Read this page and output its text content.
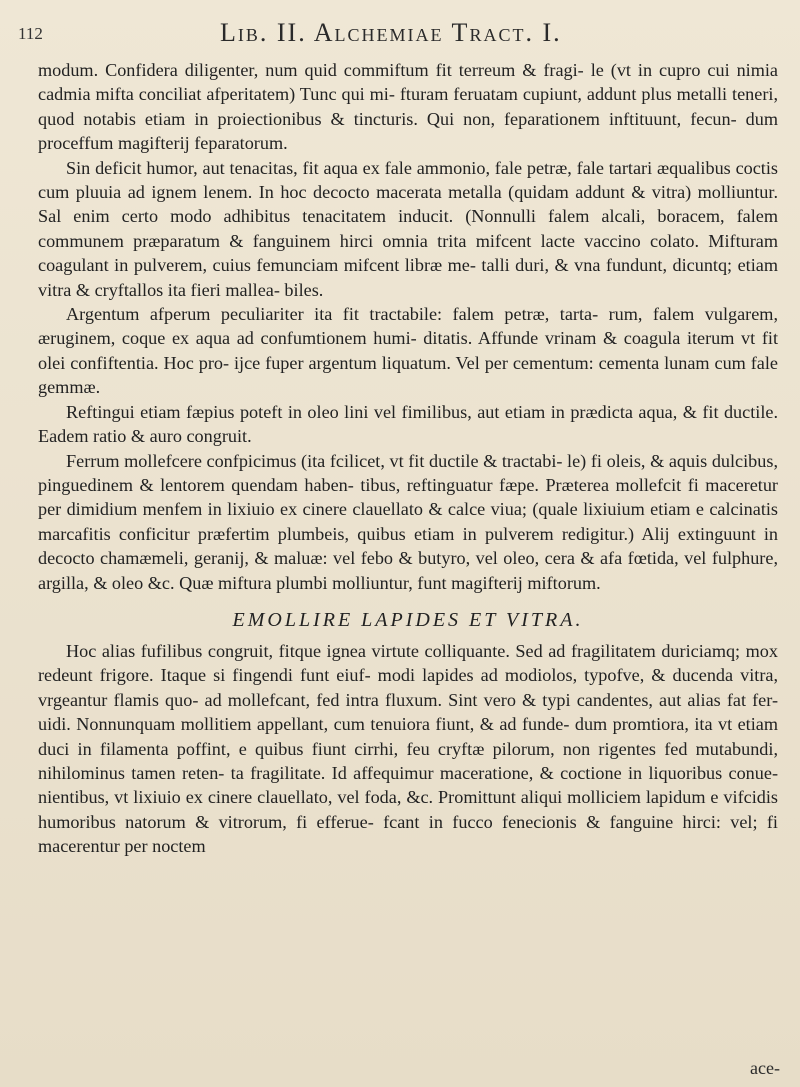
112	Lib. II. Alchemiae Tract. I.

modum. Confidera diligenter, num quid commiftum fit terreum & fragi- le (vt in cupro cui nimia cadmia mifta conciliat afperitatem) Tunc qui mi- fturam feruatam cupiunt, addunt plus metalli teneri, quod notabis etiam in proiectionibus & tincturis. Qui non, feparationem inftituunt, fecun- dum proceffum magifterij feparatorum.

Sin deficit humor, aut tenacitas, fit aqua ex fale ammonio, fale petræ, fale tartari æqualibus coctis cum pluuia ad ignem lenem. In hoc decocto macerata metalla (quidam addunt & vitra) molliuntur. Sal enim certo modo adhibitus tenacitatem inducit. (Nonnulli falem alcali, boracem, falem communem præparatum & fanguinem hirci omnia trita mifcent lacte vaccino colato. Mifturam coagulant in pulverem, cuius femunciam mifcent libræ me- talli duri, & vna fundunt, dicuntq; etiam vitra & cryftallos ita fieri mallea- biles.

Argentum afperum peculiariter ita fit tractabile: falem petræ, tarta- rum, falem vulgarem, æruginem, coque ex aqua ad confumtionem humi- ditatis. Affunde vrinam & coagula iterum vt fit olei confiftentia. Hoc pro- ijce fuper argentum liquatum. Vel per cementum: cementa lunam cum fale gemmæ.

Reftingui etiam fæpius poteft in oleo lini vel fimilibus, aut etiam in prædicta aqua, & fit ductile. Eadem ratio & auro congruit.

Ferrum mollefcere confpicimus (ita fcilicet, vt fit ductile & tractabi- le) fi oleis, & aquis dulcibus, pinguedinem & lentorem quendam haben- tibus, reftinguatur fæpe. Præterea mollefcit fi maceretur per dimidium menfem in lixiuio ex cinere clauellato & calce viua; (quale lixiuium etiam e calcinatis marcafitis conficitur præfertim plumbeis, quibus etiam in pulverem redigitur.) Alij extinguunt in decocto chamæmeli, geranij, & maluæ: vel febo & butyro, vel oleo, cera & afa fœtida, vel fulphure, argilla, & oleo &c. Quæ miftura plumbi molliuntur, funt magifterij miftorum.

EMOLLIRE LAPIDES ET VITRA.

Hoc alias fufilibus congruit, fitque ignea virtute colliquante. Sed ad fragilitatem duriciamq; mox redeunt frigore. Itaque si fingendi funt eiuf- modi lapides ad modiolos, typofve, & ducenda vitra, vrgeantur flamis quo- ad mollefcant, fed intra fluxum. Sint vero & typi candentes, aut alias fat fer- uidi. Nonnunquam mollitiem appellant, cum tenuiora fiunt, & ad funde- dum promtiora, ita vt etiam duci in filamenta poffint, e quibus fiunt cirrhi, feu cryftæ pilorum, non rigentes fed mutabundi, nihilominus tamen reten- ta fragilitate. Id affequimur maceratione, & coctione in liquoribus conue- nientibus, vt lixiuio ex cinere clauellato, vel foda, &c. Promittunt aliqui molliciem lapidum e vifcidis humoribus natorum & vitrorum, fi efferue- fcant in fucco fenecionis & fanguine hirci: vel; fi macerentur per noctem

ace-
